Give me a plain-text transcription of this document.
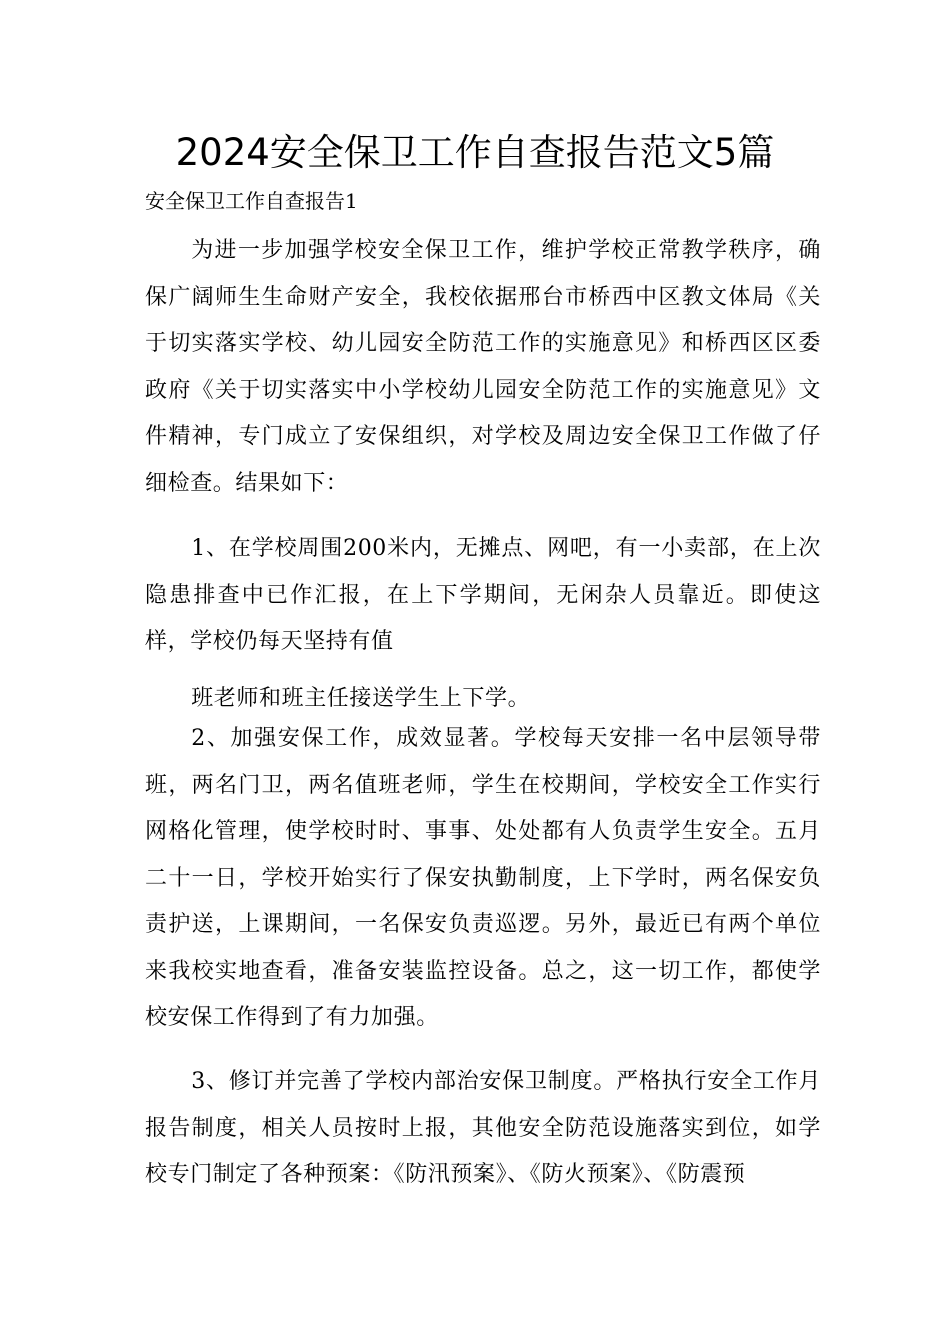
2024安全保卫工作自查报告范文5篇
安全保卫工作自查报告1

为进一步加强学校安全保卫工作，维护学校正常教学秩序，确保广阔师生生命财产安全，我校依据邢台市桥西中区教文体局《关于切实落实学校、幼儿园安全防范工作的实施意见》和桥西区区委政府《关于切实落实中小学校幼儿园安全防范工作的实施意见》文件精神，专门成立了安保组织，对学校及周边安全保卫工作做了仔细检查。结果如下：

1、在学校周围200米内，无摊点、网吧，有一小卖部，在上次隐患排查中已作汇报，在上下学期间，无闲杂人员靠近。即使这样，学校仍每天坚持有值

班老师和班主任接送学生上下学。

2、加强安保工作，成效显著。学校每天安排一名中层领导带班，两名门卫，两名值班老师，学生在校期间，学校安全工作实行网格化管理，使学校时时、事事、处处都有人负责学生安全。五月二十一日，学校开始实行了保安执勤制度，上下学时，两名保安负责护送，上课期间，一名保安负责巡逻。另外，最近已有两个单位来我校实地查看，准备安装监控设备。总之，这一切工作，都使学校安保工作得到了有力加强。

3、修订并完善了学校内部治安保卫制度。严格执行安全工作月报告制度，相关人员按时上报，其他安全防范设施落实到位，如学校专门制定了各种预案：《防汛预案》、《防火预案》、《防震预
